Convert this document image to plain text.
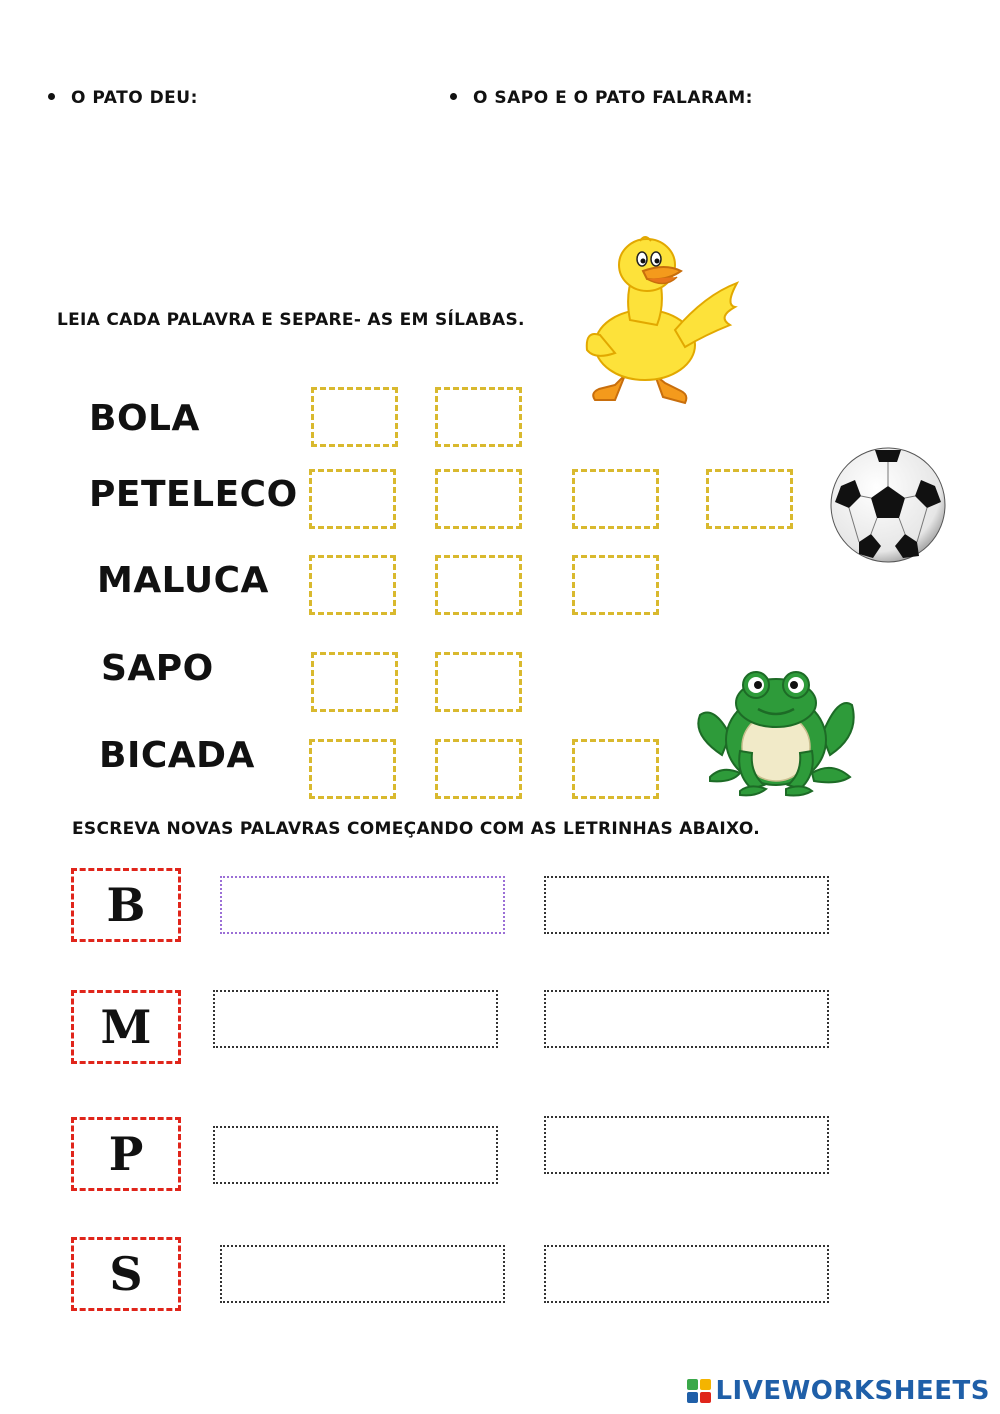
O PATO DEU:	O SAPO E O PATO FALARAM:
LEIA CADA PALAVRA E SEPARE- AS EM SÍLABAS.
BOLA
PETELECO
MALUCA
SAPO
BICADA
ESCREVA NOVAS PALAVRAS COMEÇANDO COM AS LETRINHAS ABAIXO.
B
M
P
S
LIVEWORKSHEETS
